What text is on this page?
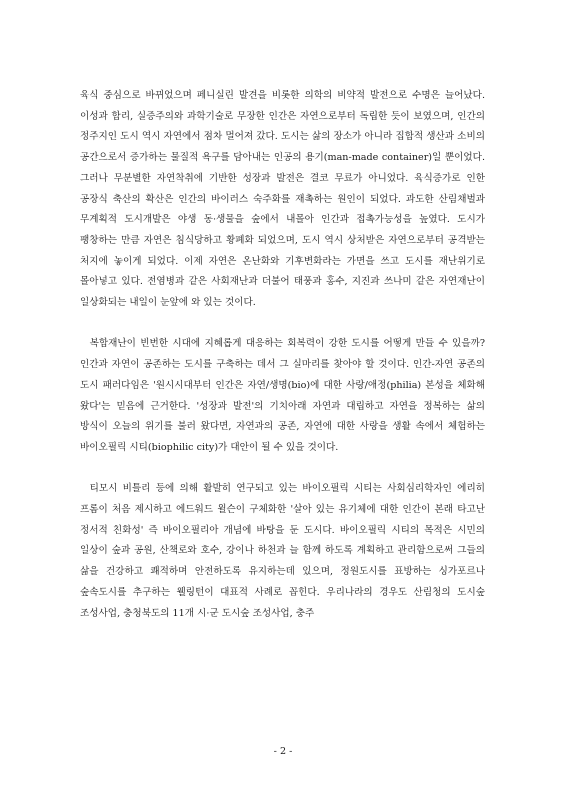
육식 중심으로 바뀌었으며 페니실린 발견을 비롯한 의학의 비약적 발전으로 수명은 늘어났다. 이성과 합리, 실증주의와 과학기술로 무장한 인간은 자연으로부터 독립한 듯이 보였으며, 인간의 정주지인 도시 역시 자연에서 점차 멀어져 갔다. 도시는 삶의 장소가 아니라 집합적 생산과 소비의 공간으로서 증가하는 물질적 욕구를 담아내는 인공의 용기(man-made container)일 뿐이었다. 그러나 무분별한 자연착취에 기반한 성장과 발전은 결코 무료가 아니었다. 육식증가로 인한 공장식 축산의 확산은 인간의 바이러스 숙주화를 재촉하는 원인이 되었다. 과도한 산림채벌과 무계획적 도시개발은 야생 동·생물을 숲에서 내몰아 인간과 접촉가능성을 높였다. 도시가 팽창하는 만큼 자연은 침식당하고 황폐화 되었으며, 도시 역시 상처받은 자연으로부터 공격받는 처지에 놓이게 되었다. 이제 자연은 온난화와 기후변화라는 가면을 쓰고 도시를 재난위기로 몰아넣고 있다. 전염병과 같은 사회재난과 더불어 태풍과 홍수, 지진과 쓰나미 같은 자연재난이 일상화되는 내일이 눈앞에 와 있는 것이다.

복합재난이 빈번한 시대에 지혜롭게 대응하는 회복력이 강한 도시를 어떻게 만들 수 있을까? 인간과 자연이 공존하는 도시를 구축하는 데서 그 실마리를 찾아야 할 것이다. 인간-자연 공존의 도시 패러다임은 '원시시대부터 인간은 자연/생명(bio)에 대한 사랑/애정(philia) 본성을 체화해 왔다'는 믿음에 근거한다. '성장과 발전'의 기치아래 자연과 대립하고 자연을 정복하는 삶의 방식이 오늘의 위기를 불러 왔다면, 자연과의 공존, 자연에 대한 사랑을 생활 속에서 체험하는 바이오필릭 시티(biophilic city)가 대안이 될 수 있을 것이다.

티모시 비틀리 등에 의해 활발히 연구되고 있는 바이오필릭 시티는 사회심리학자인 에리히 프롬이 처음 제시하고 에드워드 윌슨이 구체화한 '살아 있는 유기체에 대한 인간이 본래 타고난 정서적 친화성' 즉 바이오필리아 개념에 바탕을 둔 도시다. 바이오필릭 시티의 목적은 시민의 일상이 숲과 공원, 산책로와 호수, 강이나 하천과 늘 함께 하도록 계획하고 관리함으로써 그들의 삶을 건강하고 쾌적하며 안전하도록 유지하는데 있으며, 정원도시를 표방하는 싱가포르나 숲속도시를 추구하는 웰링턴이 대표적 사례로 꼽힌다. 우리나라의 경우도 산림청의 도시숲 조성사업, 충청북도의 11개 시·군 도시숲 조성사업, 충주

- 2 -
